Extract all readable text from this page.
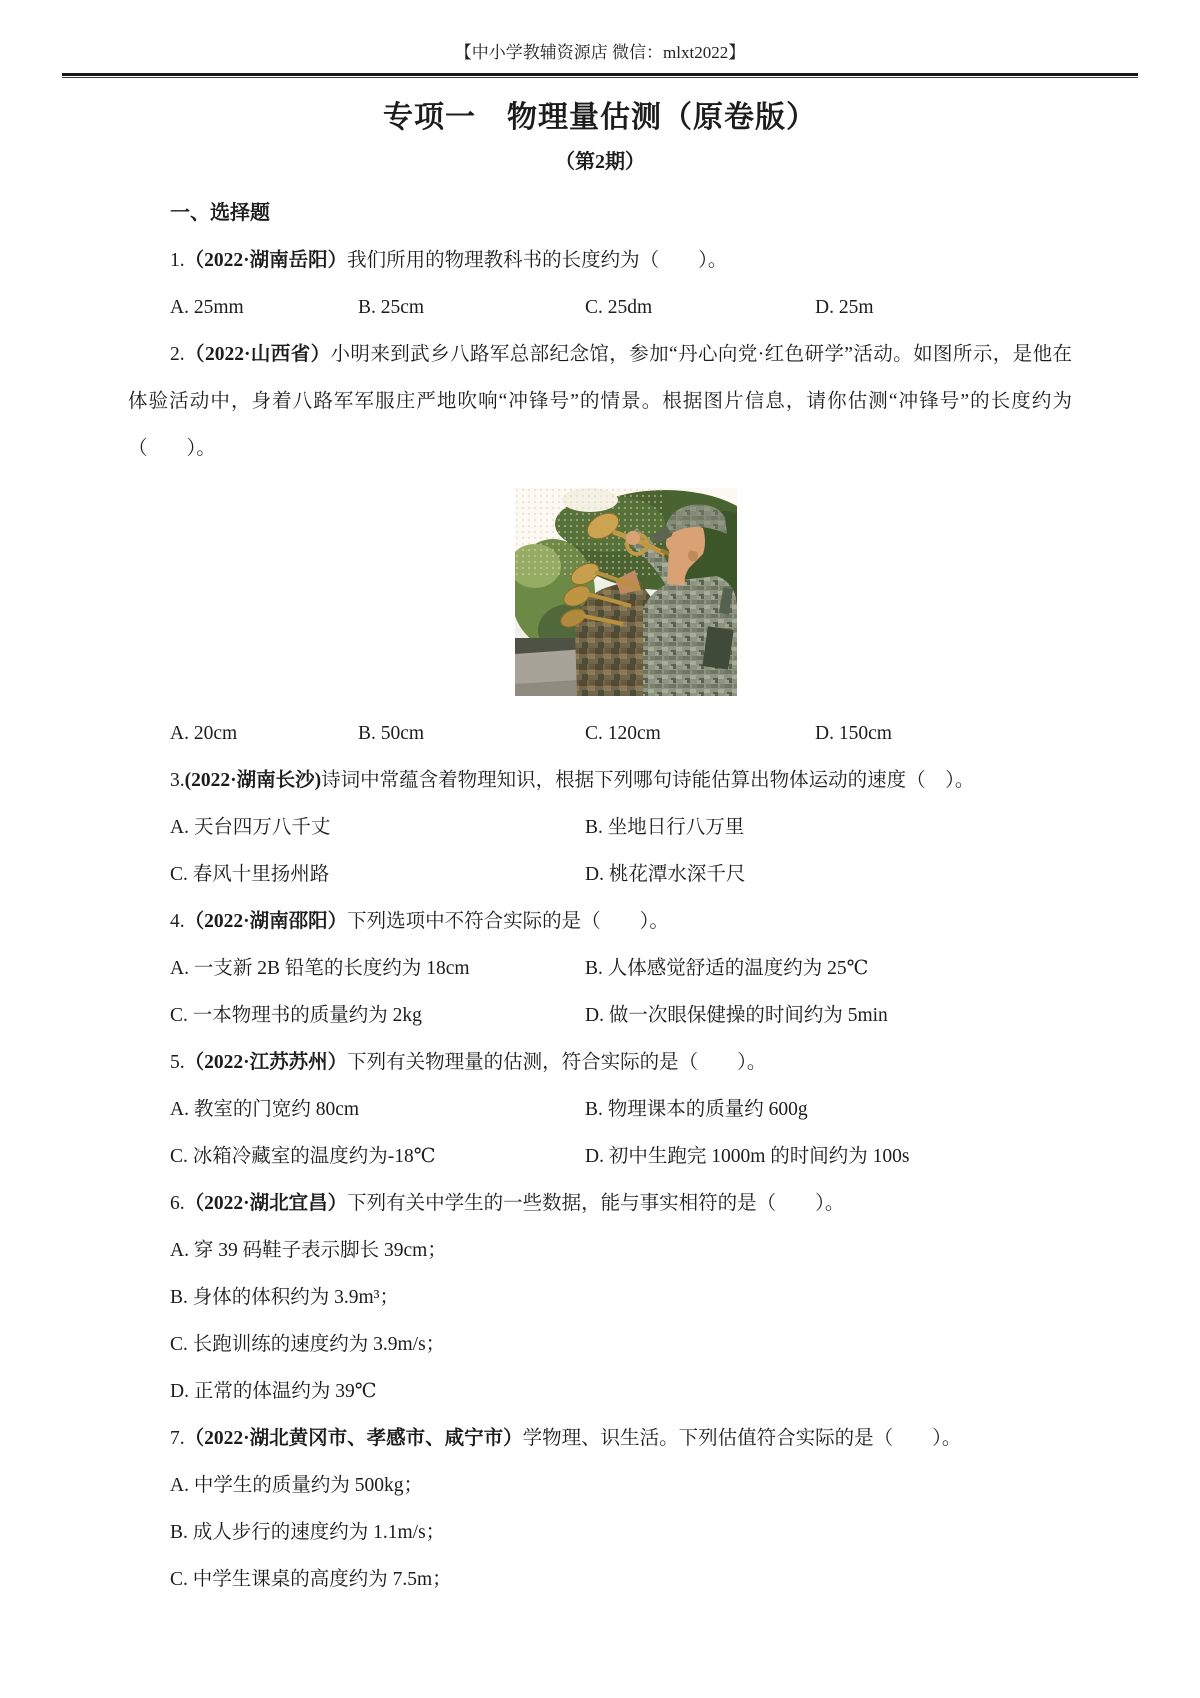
【中小学教辅资源店 微信：mlxt2022】
专项一　物理量估测（原卷版）
（第2期）
一、选择题

1.（2022·湖南岳阳）我们所用的物理教科书的长度约为（　　）。

A. 25mm	B. 25cm	C. 25dm	D. 25m

2.（2022·山西省）小明来到武乡八路军总部纪念馆，参加“丹心向党·红色研学”活动。如图所示，是他在体验活动中，身着八路军军服庄严地吹响“冲锋号”的情景。根据图片信息，请你估测“冲锋号”的长度约为（　　）。

A. 20cm	B. 50cm	C. 120cm	D. 150cm

3.(2022·湖南长沙)诗词中常蕴含着物理知识，根据下列哪句诗能估算出物体运动的速度（　）。

A. 天台四万八千丈	B. 坐地日行八万里
C. 春风十里扬州路	D. 桃花潭水深千尺

4.（2022·湖南邵阳）下列选项中不符合实际的是（　　）。

A. 一支新 2B 铅笔的长度约为 18cm	B. 人体感觉舒适的温度约为 25℃
C. 一本物理书的质量约为 2kg	D. 做一次眼保健操的时间约为 5min

5.（2022·江苏苏州）下列有关物理量的估测，符合实际的是（　　）。

A. 教室的门宽约 80cm	B. 物理课本的质量约 600g
C. 冰箱冷藏室的温度约为-18℃	D. 初中生跑完 1000m 的时间约为 100s

6.（2022·湖北宜昌）下列有关中学生的一些数据，能与事实相符的是（　　）。

A. 穿 39 码鞋子表示脚长 39cm；
B. 身体的体积约为 3.9m³；
C. 长跑训练的速度约为 3.9m/s；
D. 正常的体温约为 39℃

7.（2022·湖北黄冈市、孝感市、咸宁市）学物理、识生活。下列估值符合实际的是（　　）。

A. 中学生的质量约为 500kg；
B. 成人步行的速度约为 1.1m/s；
C. 中学生课桌的高度约为 7.5m；
